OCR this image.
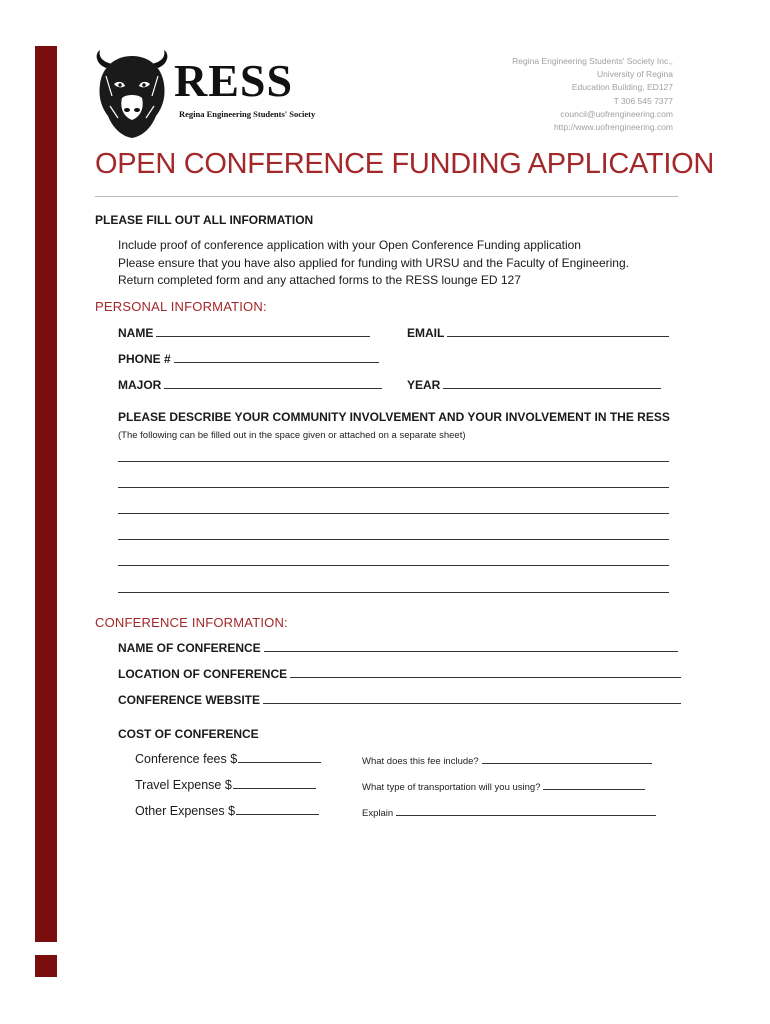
RESS
Regina Engineering Students' Society
Regina Engineering Students' Society Inc.,
University of Regina
Education Building, ED127
T 306 545 7377
council@uofrengineering.com
http://www.uofrengineering.com
OPEN CONFERENCE FUNDING APPLICATION
PLEASE FILL OUT ALL INFORMATION
Include proof of conference application with your Open Conference Funding application
Please ensure that you have also applied for funding with URSU and the Faculty of Engineering.
Return completed form and any attached forms to the RESS lounge ED 127
PERSONAL INFORMATION:
NAME	EMAIL
PHONE #
MAJOR	YEAR
PLEASE DESCRIBE YOUR COMMUNITY INVOLVEMENT AND YOUR INVOLVEMENT IN THE RESS
(The following can be filled out in the space given or attached on a separate sheet)
CONFERENCE INFORMATION:
NAME OF CONFERENCE
LOCATION OF CONFERENCE
CONFERENCE WEBSITE
COST OF CONFERENCE
Conference fees $	What does this fee include?
Travel Expense $	What type of transportation will you using?
Other Expenses $	Explain
